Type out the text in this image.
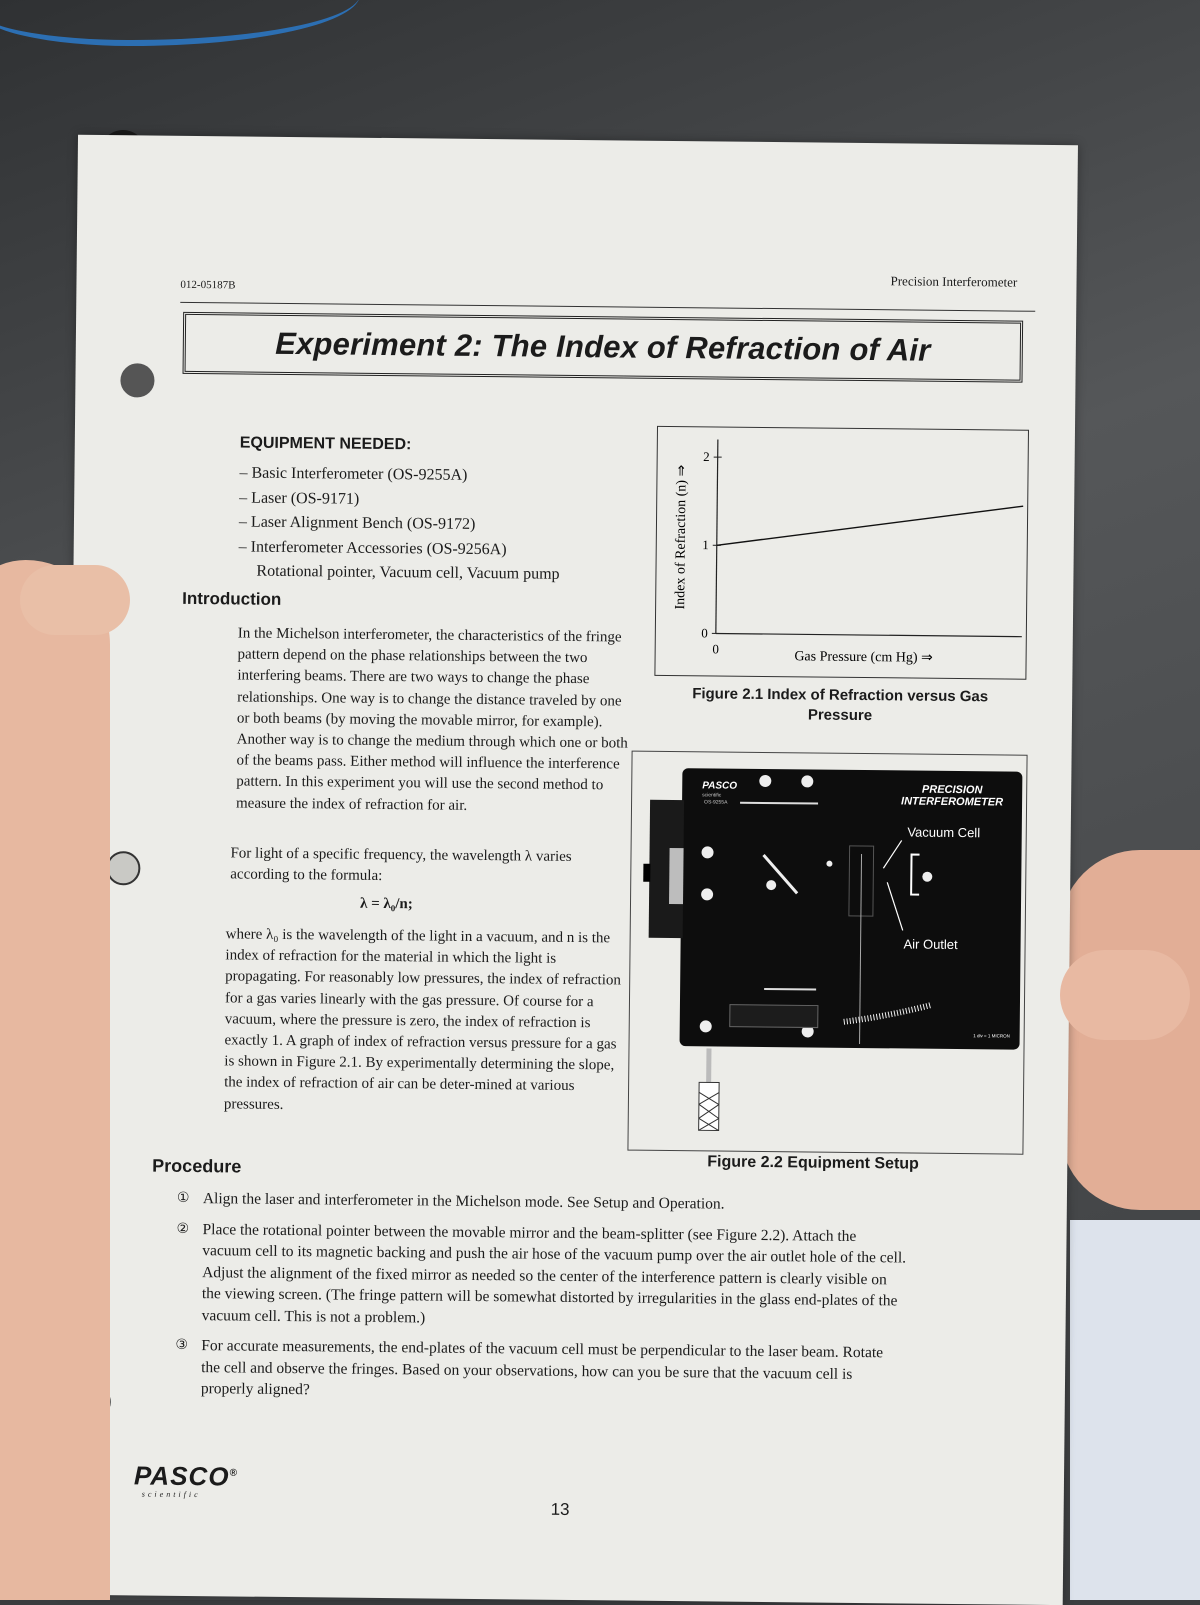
012-05187B	Precision Interferometer
Experiment 2: The Index of Refraction of Air
EQUIPMENT NEEDED:
– Basic Interferometer (OS-9255A)
– Laser (OS-9171)
– Laser Alignment Bench (OS-9172)
– Interferometer Accessories (OS-9256A)
Rotational pointer, Vacuum cell, Vacuum pump
Introduction
In the Michelson interferometer, the characteristics of the fringe pattern depend on the phase relationships between the two interfering beams. There are two ways to change the phase relationships. One way is to change the distance traveled by one or both beams (by moving the movable mirror, for example). Another way is to change the medium through which one or both of the beams pass. Either method will influence the interference pattern. In this experiment you will use the second method to measure the index of refraction for air.
For light of a specific frequency, the wavelength λ varies according to the formula:
λ = λ₀/n;
where λ₀ is the wavelength of the light in a vacuum, and n is the index of refraction for the material in which the light is propagating. For reasonably low pressures, the index of refraction for a gas varies linearly with the gas pressure. Of course for a vacuum, where the pressure is zero, the index of refraction is exactly 1. A graph of index of refraction versus pressure for a gas is shown in Figure 2.1. By experimentally determining the slope, the index of refraction of air can be deter-mined at various pressures.
0
1
2
0
Gas Pressure (cm Hg) ⇒
Index of Refraction (n) ⇒
Figure 2.1 Index of Refraction versus Gas
Pressure
PASCO
scientific
OS-9255A
PRECISION
INTERFEROMETER
Vacuum Cell
Air Outlet
1 div = 1 MICRON
Figure 2.2 Equipment Setup
Procedure
① Align the laser and interferometer in the Michelson mode. See Setup and Operation.
② Place the rotational pointer between the movable mirror and the beam-splitter (see Figure 2.2). Attach the vacuum cell to its magnetic backing and push the air hose of the vacuum pump over the air outlet hole of the cell. Adjust the alignment of the fixed mirror as needed so the center of the interference pattern is clearly visible on the viewing screen. (The fringe pattern will be somewhat distorted by irregularities in the glass end-plates of the vacuum cell. This is not a problem.)
③ For accurate measurements, the end-plates of the vacuum cell must be perpendicular to the laser beam. Rotate the cell and observe the fringes. Based on your observations, how can you be sure that the vacuum cell is properly aligned?
PASCO®
scientific
13
